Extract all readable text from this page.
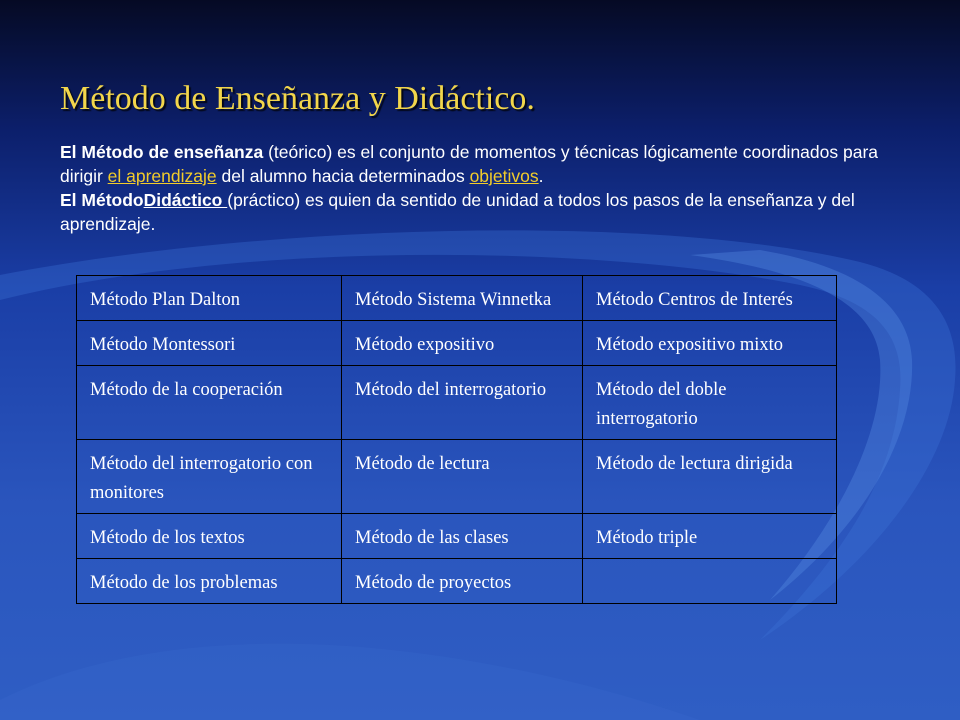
Método de Enseñanza y Didáctico.

El Método de enseñanza (teórico) es el conjunto de momentos y técnicas lógicamente coordinados para dirigir el aprendizaje del alumno hacia determinados objetivos.

El MétodoDidáctico (práctico) es quien da sentido de unidad a todos los pasos de la enseñanza y del aprendizaje.

Método Plan Dalton	Método Sistema Winnetka	Método Centros de Interés
Método Montessori	Método expositivo	Método expositivo mixto
Método de la cooperación	Método del interrogatorio	Método del doble interrogatorio
Método del interrogatorio con monitores	Método de lectura	Método de lectura dirigida
Método de los textos	Método de las clases	Método triple
Método de los problemas	Método de proyectos	
